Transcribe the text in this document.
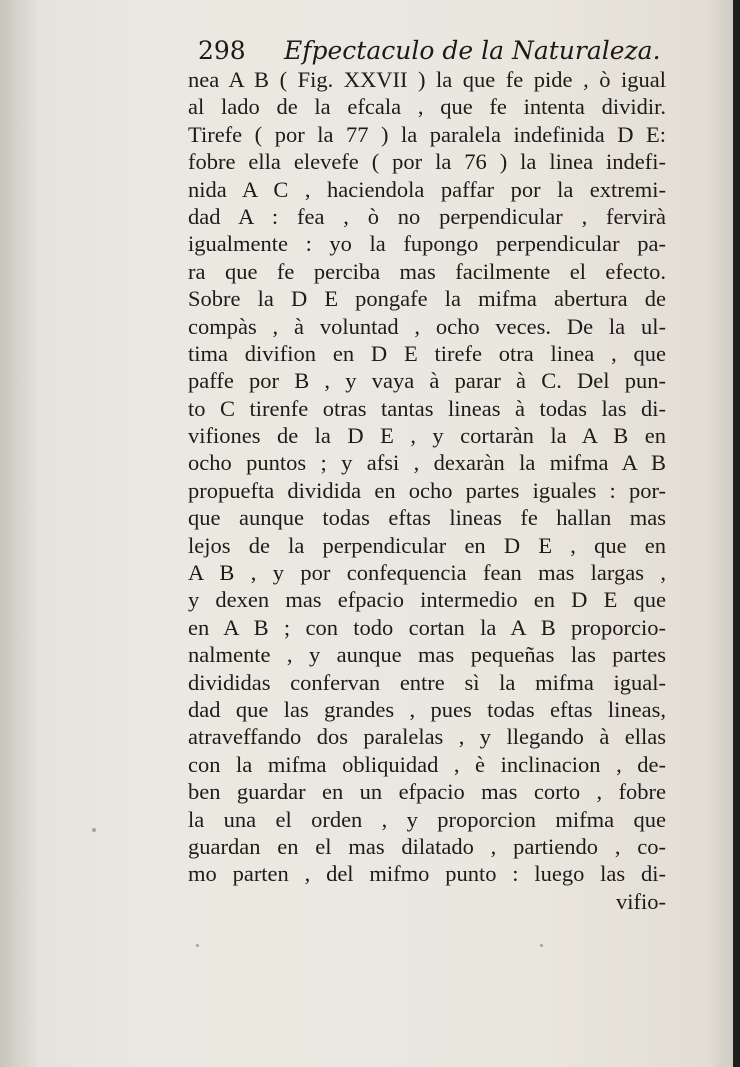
298 Efpectaculo de la Naturaleza.
nea A B ( Fig. XXVII ) la que fe pide , ò igual
al lado de la efcala , que fe intenta dividir.
Tirefe ( por la 77 ) la paralela indefinida D E:
fobre ella elevefe ( por la 76 ) la linea indefi-
nida A C , haciendola paffar por la extremi-
dad A : fea , ò no perpendicular , fervirà
igualmente : yo la fupongo perpendicular pa-
ra que fe perciba mas facilmente el efecto.
Sobre la D E pongafe la mifma abertura de
compàs , à voluntad , ocho veces. De la ul-
tima divifion en D E tirefe otra linea , que
paffe por B , y vaya à parar à C. Del pun-
to C tirenfe otras tantas lineas à todas las di-
vifiones de la D E , y cortaràn la A B en
ocho puntos ; y afsi , dexaràn la mifma A B
propuefta dividida en ocho partes iguales : por-
que aunque todas eftas lineas fe hallan mas
lejos de la perpendicular en D E , que en
A B , y por confequencia fean mas largas ,
y dexen mas efpacio intermedio en D E que
en A B ; con todo cortan la A B proporcio-
nalmente , y aunque mas pequeñas las partes
divididas confervan entre sì la mifma igual-
dad que las grandes , pues todas eftas lineas,
atraveffando dos paralelas , y llegando à ellas
con la mifma obliquidad , è inclinacion , de-
ben guardar en un efpacio mas corto , fobre
la una el orden , y proporcion mifma que
guardan en el mas dilatado , partiendo , co-
mo parten , del mifmo punto : luego las di-
vifio-
